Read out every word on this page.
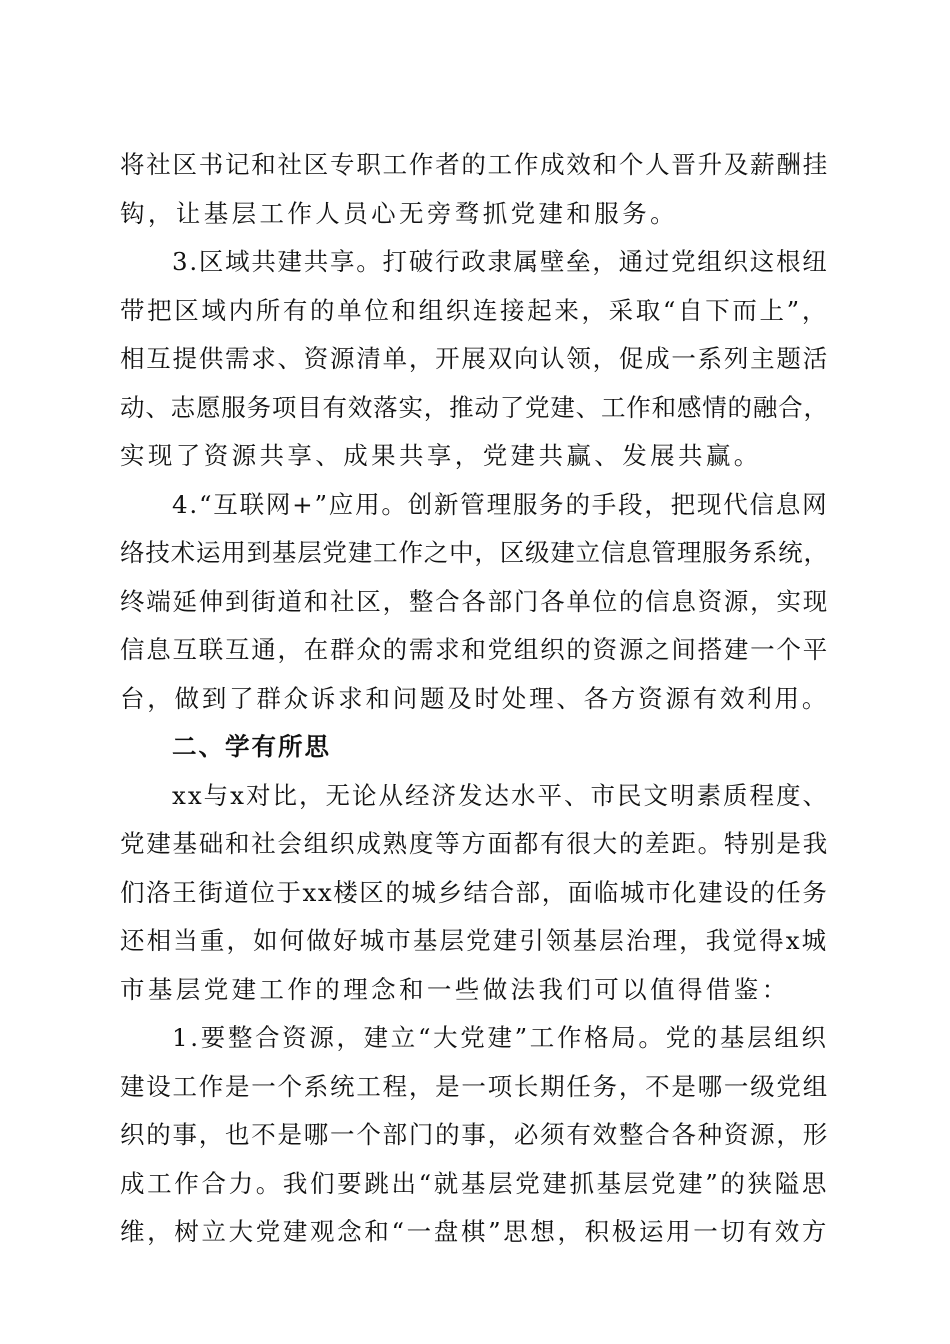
将社区书记和社区专职工作者的工作成效和个人晋升及薪酬挂
钩，让基层工作人员心无旁骛抓党建和服务。
3.区域共建共享。打破行政隶属壁垒，通过党组织这根纽
带把区域内所有的单位和组织连接起来，采取“自下而上”，
相互提供需求、资源清单，开展双向认领，促成一系列主题活
动、志愿服务项目有效落实，推动了党建、工作和感情的融合，
实现了资源共享、成果共享，党建共赢、发展共赢。
4.“互联网+”应用。创新管理服务的手段，把现代信息网
络技术运用到基层党建工作之中，区级建立信息管理服务系统，
终端延伸到街道和社区，整合各部门各单位的信息资源，实现
信息互联互通，在群众的需求和党组织的资源之间搭建一个平
台，做到了群众诉求和问题及时处理、各方资源有效利用。
二、学有所思
xx与x对比，无论从经济发达水平、市民文明素质程度、
党建基础和社会组织成熟度等方面都有很大的差距。特别是我
们洛王街道位于xx楼区的城乡结合部，面临城市化建设的任务
还相当重，如何做好城市基层党建引领基层治理，我觉得x城
市基层党建工作的理念和一些做法我们可以值得借鉴：
1.要整合资源，建立“大党建”工作格局。党的基层组织
建设工作是一个系统工程，是一项长期任务，不是哪一级党组
织的事，也不是哪一个部门的事，必须有效整合各种资源，形
成工作合力。我们要跳出“就基层党建抓基层党建”的狭隘思
维，树立大党建观念和“一盘棋”思想，积极运用一切有效方
